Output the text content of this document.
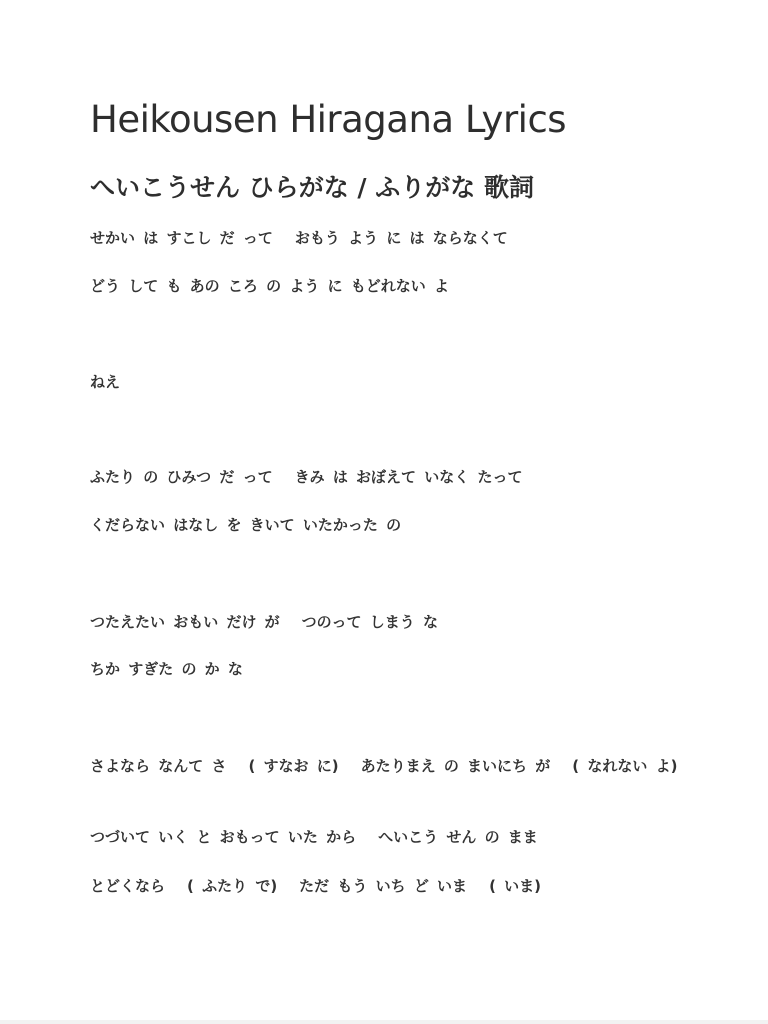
Heikousen Hiragana Lyrics
へいこうせん ひらがな / ふりがな 歌詞

せかい は すこし だ って おもう よう に は ならなくて

どう して も あの ころ の よう に もどれない よ

ねえ

ふたり の ひみつ だ って きみ は おぼえて いなく たって

くだらない はなし を きいて いたかった の

つたえたい おもい だけ が つのって しまう な

ちか すぎた の か な

さよなら なんて さ ( すなお に) あたりまえ の まいにち が ( なれない よ)

つづいて いく と おもって いた から へいこう せん の まま

とどくなら ( ふたり で) ただ もう いち ど いま ( いま)
